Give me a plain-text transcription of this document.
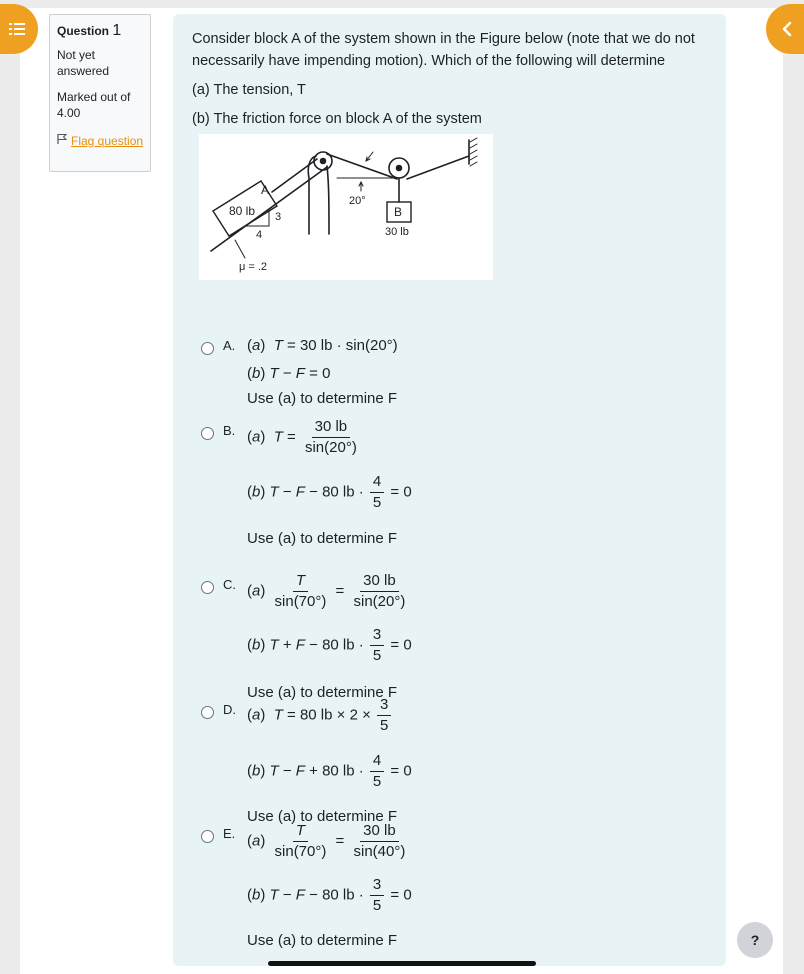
Question 1
Not yet answered
Marked out of 4.00
Flag question

Consider block A of the system shown in the Figure below (note that we do not necessarily have impending motion). Which of the following will determine

(a) The tension, T

(b) The friction force on block A of the system

A
80 lb 3
4
20°
B
30 lb
μ = .2
A. (a)  T = 30 lb · sin(20°)
(b) T − F = 0
Use (a) to determine F
B. (a)  $T = \frac{30 lb}{\sin(20^\circ)}$
(b) T − F − 80 lb · $\frac{4}{5} = 0$
Use (a) to determine F
C. $(a) \frac{T}{\sin(70^\circ)} = \frac{30 lb}{\sin(20^\circ)}$
(b) T + F − 80 lb · $\frac{3}{5} = 0$
Use (a) to determine F
D. (a)  T = 80 lb × $2 \times \frac{3}{5}$
(b) T − F + 80 lb · $\frac{4}{5} = 0$
Use (a) to determine F
E. $(a) \frac{T}{\sin(70^\circ)} = \frac{30 lb}{\sin(40^\circ)}$
(b) T − F − 80 lb · $\frac{3}{5} = 0$
Use (a) to determine F	?
